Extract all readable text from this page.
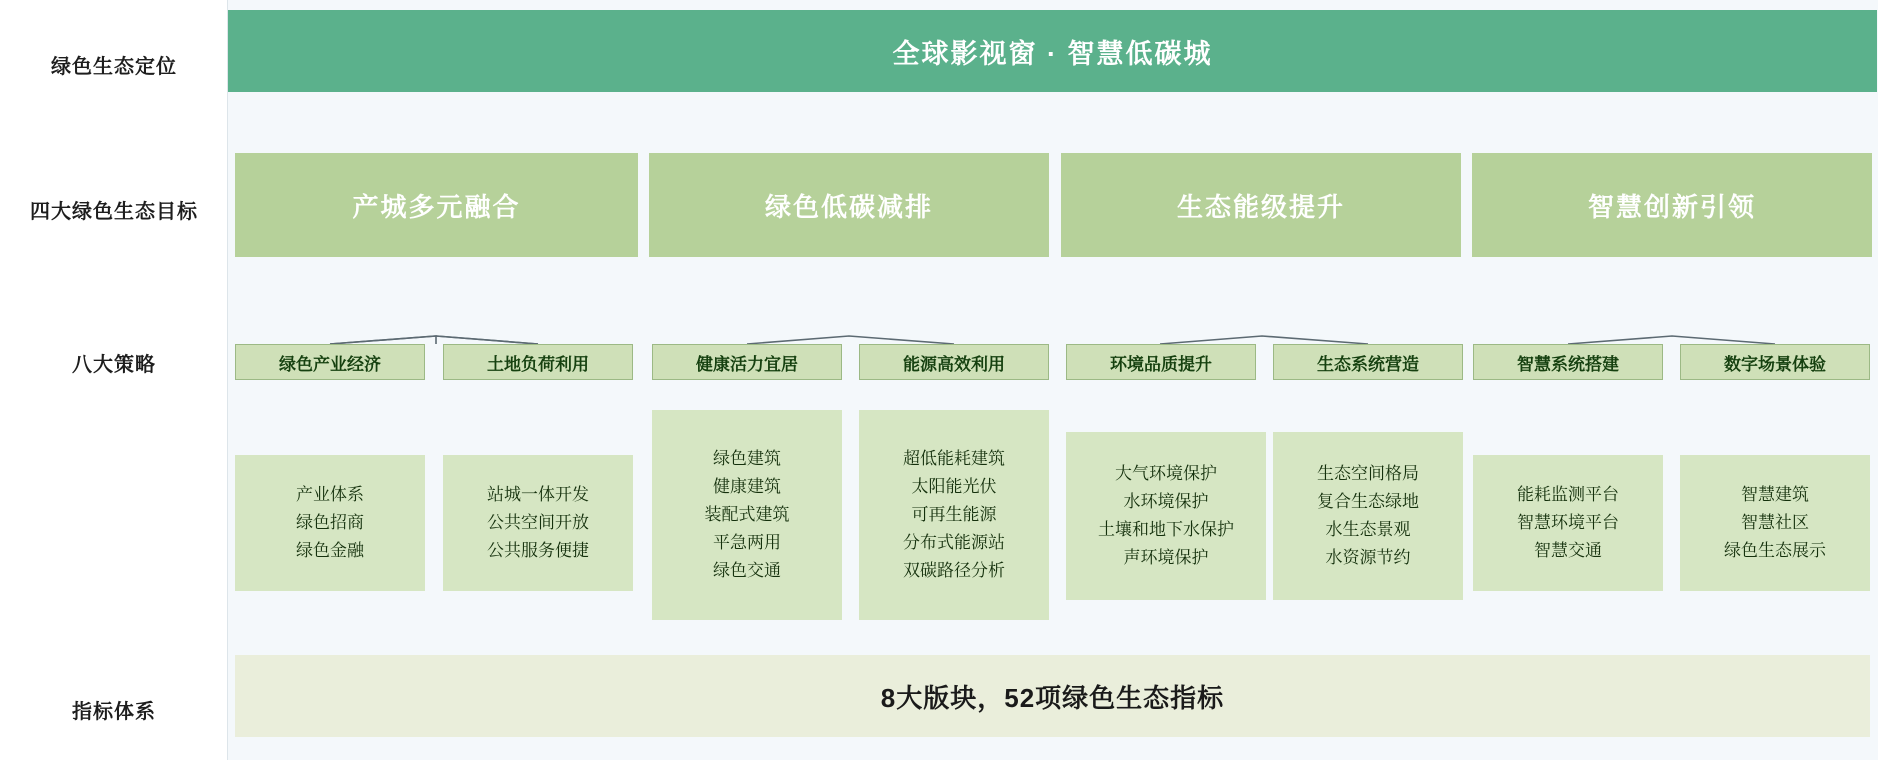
绿色生态定位
四大绿色生态目标
八大策略
指标体系
全球影视窗 · 智慧低碳城
产城多元融合	绿色低碳减排	生态能级提升	智慧创新引领
绿色产业经济	土地负荷利用	健康活力宜居	能源高效利用	环境品质提升	生态系统营造	智慧系统搭建	数字场景体验
产业体系
绿色招商
绿色金融
站城一体开发
公共空间开放
公共服务便捷
绿色建筑
健康建筑
装配式建筑
平急两用
绿色交通
超低能耗建筑
太阳能光伏
可再生能源
分布式能源站
双碳路径分析
大气环境保护
水环境保护
土壤和地下水保护
声环境保护
生态空间格局
复合生态绿地
水生态景观
水资源节约
能耗监测平台
智慧环境平台
智慧交通
智慧建筑
智慧社区
绿色生态展示
8大版块，52项绿色生态指标
